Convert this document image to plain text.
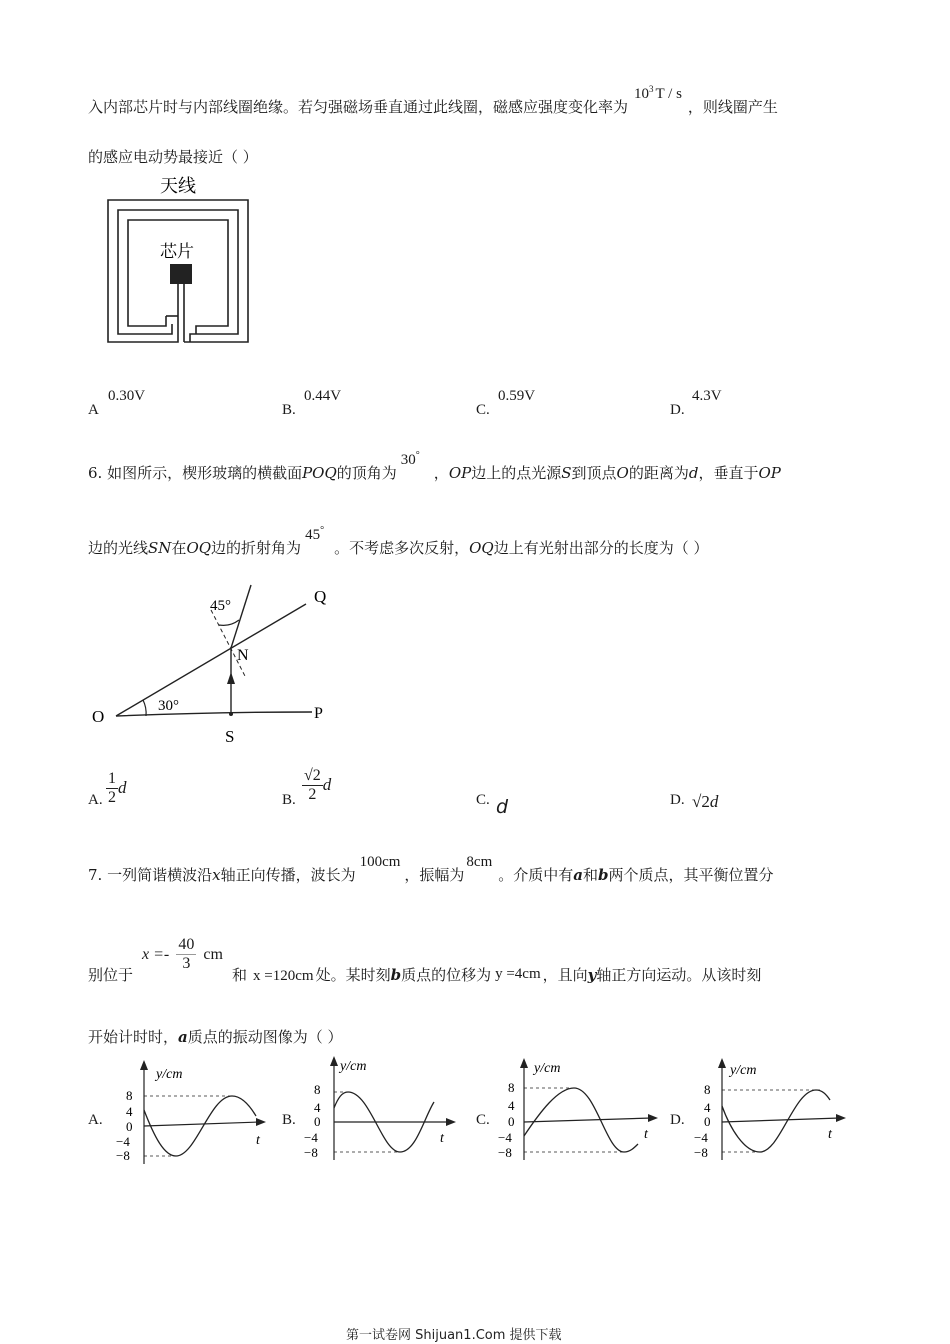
入内部芯片时与内部线圈绝缘。若匀强磁场垂直通过此线圈，磁感应强度变化率为$10^3$ T / s，则线圈产生
的感应电动势最接近（ ）
天线
芯片
A
0.30V
B.
0.44V
C.
0.59V
D.
4.3V
6. 如图所示，楔形玻璃的横截面POQ的顶角为30°，OP边上的点光源S到顶点O的距离为d，垂直于OP
边的光线SN在OQ边的折射角为45°。不考虑多次反射，OQ边上有光射出部分的长度为（ ）
Q
O	P
S
N
45°
30°
A. $\frac{1}{2}$ d
B. $\frac{√2}{2}$ d
C. d	D. √2d
7. 一列简谐横波沿x轴正向传播，波长为100cm，振幅为8cm。介质中有a和b两个质点，其平衡位置分
别位于
$x =- \frac{40}{3}$ cm
和 x =120cm 处。某时刻b质点的位移为 y =4cm ，且向y轴正方向运动。从该时刻
开始计时时，a质点的振动图像为（ ）
A.	B.	C.	D.
y/cm
t
8
4
0
−4
−8
y/cm
t
8
4
0
−4
−8
y/cm
t
8
4
0
−4
−8
y/cm
t
8
4
0
−4
−8
第一试卷网 Shijuan1.Com 提供下载
